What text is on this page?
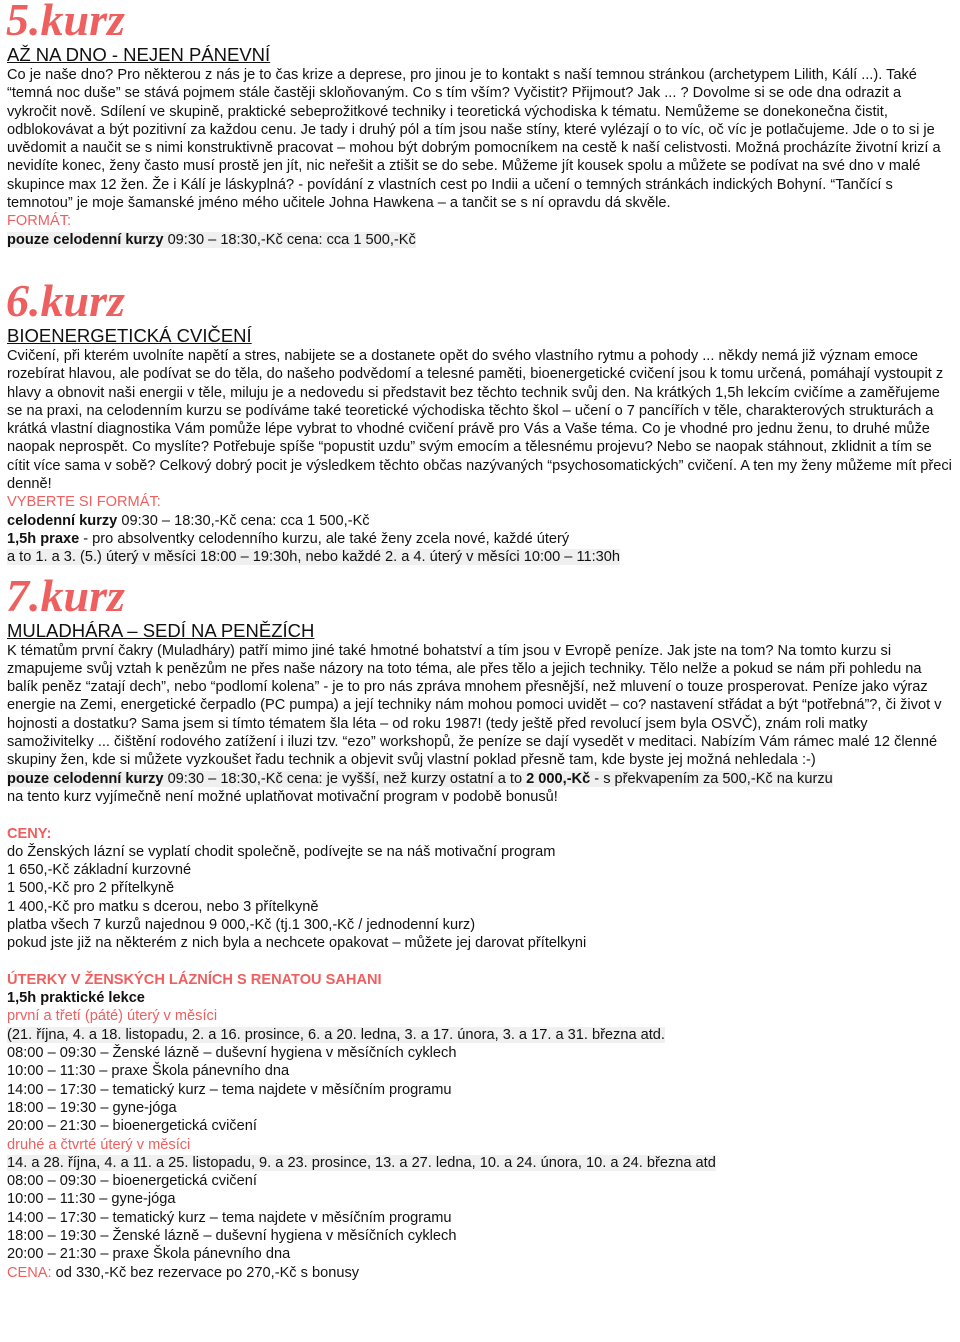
5.kurz
AŽ NA DNO - NEJEN PÁNEVNÍ

Co je naše dno? Pro některou z nás je to čas krize a deprese, pro jinou je to kontakt s naší temnou stránkou (archetypem Lilith, Kálí ...). Také “temná noc duše” se stává pojmem stále častěji skloňovaným. Co s tím vším? Vyčistit? Přijmout? Jak ... ? Dovolme si se ode dna odrazit a vykročit nově. Sdílení ve skupině, praktické sebeprožitkové techniky i teoretická východiska k tématu. Nemůžeme se donekonečna čistit, odblokovávat a být pozitivní za každou cenu. Je tady i druhý pól a tím jsou naše stíny, které vylézají o to víc, oč víc je potlačujeme. Jde o to si je uvědomit a naučit se s nimi konstruktivně pracovat – mohou být dobrým pomocníkem na cestě k naší celistvosti. Možná procházíte životní krizí a nevidíte konec, ženy často musí prostě jen jít, nic neřešit a ztišit se do sebe. Můžeme jít kousek spolu a můžete se podívat na své dno v malé skupince max 12 žen. Že i Kálí je láskyplná? - povídání z vlastních cest po Indii a učení o temných stránkách indických Bohyní. “Tančící s temnotou” je moje šamanské jméno mého učitele Johna Hawkena – a tančit se s ní opravdu dá skvěle.

FORMÁT:

pouze celodenní kurzy 09:30 – 18:30,-Kč cena: cca 1 500,-Kč

6.kurz
BIOENERGETICKÁ CVIČENÍ

Cvičení, při kterém uvolníte napětí a stres, nabijete se a dostanete opět do svého vlastního rytmu a pohody ... někdy nemá již význam emoce rozebírat hlavou, ale podívat se do těla, do našeho podvědomí a telesné paměti, bioenergetické cvičení jsou k tomu určená, pomáhají vystoupit z hlavy a obnovit naši energii v těle, miluju je a nedovedu si představit bez těchto technik svůj den. Na krátkých 1,5h lekcím cvičíme a zaměřujeme se na praxi, na celodenním kurzu se podíváme také teoretické východiska těchto škol – učení o 7 pancířích v těle, charakterových strukturách a krátká vlastní diagnostika Vám pomůže lépe vybrat to vhodné cvičení právě pro Vás a Vaše téma. Co je vhodné pro jednu ženu, to druhé může naopak neprospět. Co myslíte? Potřebuje spíše “popustit uzdu” svým emocím a tělesnému projevu? Nebo se naopak stáhnout, zklidnit a tím se cítit více sama v sobě? Celkový dobrý pocit je výsledkem těchto občas nazývaných “psychosomatických” cvičení. A ten my ženy můžeme mít přeci denně!

VYBERTE SI FORMÁT:

celodenní kurzy 09:30 – 18:30,-Kč cena: cca 1 500,-Kč

1,5h praxe - pro absolventky celodenního kurzu, ale také ženy zcela nové, každé úterý

a to 1. a 3. (5.) úterý v měsíci 18:00 – 19:30h, nebo každé 2. a 4. úterý v měsíci 10:00 – 11:30h

7.kurz
MULADHÁRA – SEDÍ NA PENĚZÍCH

K tématům první čakry (Muladháry) patří mimo jiné také hmotné bohatství a tím jsou v Evropě peníze. Jak jste na tom? Na tomto kurzu si zmapujeme svůj vztah k penězům ne přes naše názory na toto téma, ale přes tělo a jejich techniky. Tělo nelže a pokud se nám při pohledu na balík peněz “zatají dech”, nebo “podlomí kolena” - je to pro nás zpráva mnohem přesnější, než mluvení o touze prosperovat. Peníze jako výraz energie na Zemi, energetické čerpadlo (PC pumpa) a její techniky nám mohou pomoci uvidět – co? nastavení střádat a být “potřebná”?, či život v hojnosti a dostatku? Sama jsem si tímto tématem šla léta – od roku 1987! (tedy ještě před revolucí jsem byla OSVČ), znám roli matky samoživitelky ... čištění rodového zatížení i iluzi tzv. “ezo” workshopů, že peníze se dají vysedět v meditaci. Nabízím Vám rámec malé 12 členné skupiny žen, kde si můžete vyzkoušet řadu technik a objevit svůj vlastní poklad přesně tam, kde byste jej možná nehledala :-)

pouze celodenní kurzy 09:30 – 18:30,-Kč cena: je vyšší, než kurzy ostatní a to 2 000,-Kč - s překvapením za 500,-Kč na kurzu

na tento kurz vyjímečně není možné uplatňovat motivační program v podobě bonusů!

CENY:

do Ženských lázní se vyplatí chodit společně, podívejte se na náš motivační program

1 650,-Kč základní kurzovné

1 500,-Kč pro 2 přítelkyně

1 400,-Kč pro matku s dcerou, nebo 3 přítelkyně

platba všech 7 kurzů najednou 9 000,-Kč (tj.1 300,-Kč / jednodenní kurz)

pokud jste již na některém z nich byla a nechcete opakovat – můžete jej darovat přítelkyni

ÚTERKY V ŽENSKÝCH LÁZNÍCH S RENATOU SAHANI

1,5h praktické lekce

první a třetí (páté) úterý v měsíci

(21. října, 4. a 18. listopadu, 2. a 16. prosince, 6. a 20. ledna, 3. a 17. února, 3. a 17. a 31. března atd.

08:00 – 09:30 – Ženské lázně – duševní hygiena v měsíčních cyklech

10:00 – 11:30 – praxe Škola pánevního dna

14:00 – 17:30 – tematický kurz – tema najdete v měsíčním programu

18:00 – 19:30 – gyne-jóga

20:00 – 21:30 – bioenergetická cvičení

druhé a čtvrté úterý v měsíci

14. a 28. října, 4. a 11. a 25. listopadu, 9. a 23. prosince, 13. a 27. ledna, 10. a 24. února, 10. a 24. března atd

08:00 – 09:30 – bioenergetická cvičení

10:00 – 11:30 – gyne-jóga

14:00 – 17:30 – tematický kurz – tema najdete v měsíčním programu

18:00 – 19:30 – Ženské lázně – duševní hygiena v měsíčních cyklech

20:00 – 21:30 – praxe Škola pánevního dna

CENA: od 330,-Kč bez rezervace po 270,-Kč s bonusy
